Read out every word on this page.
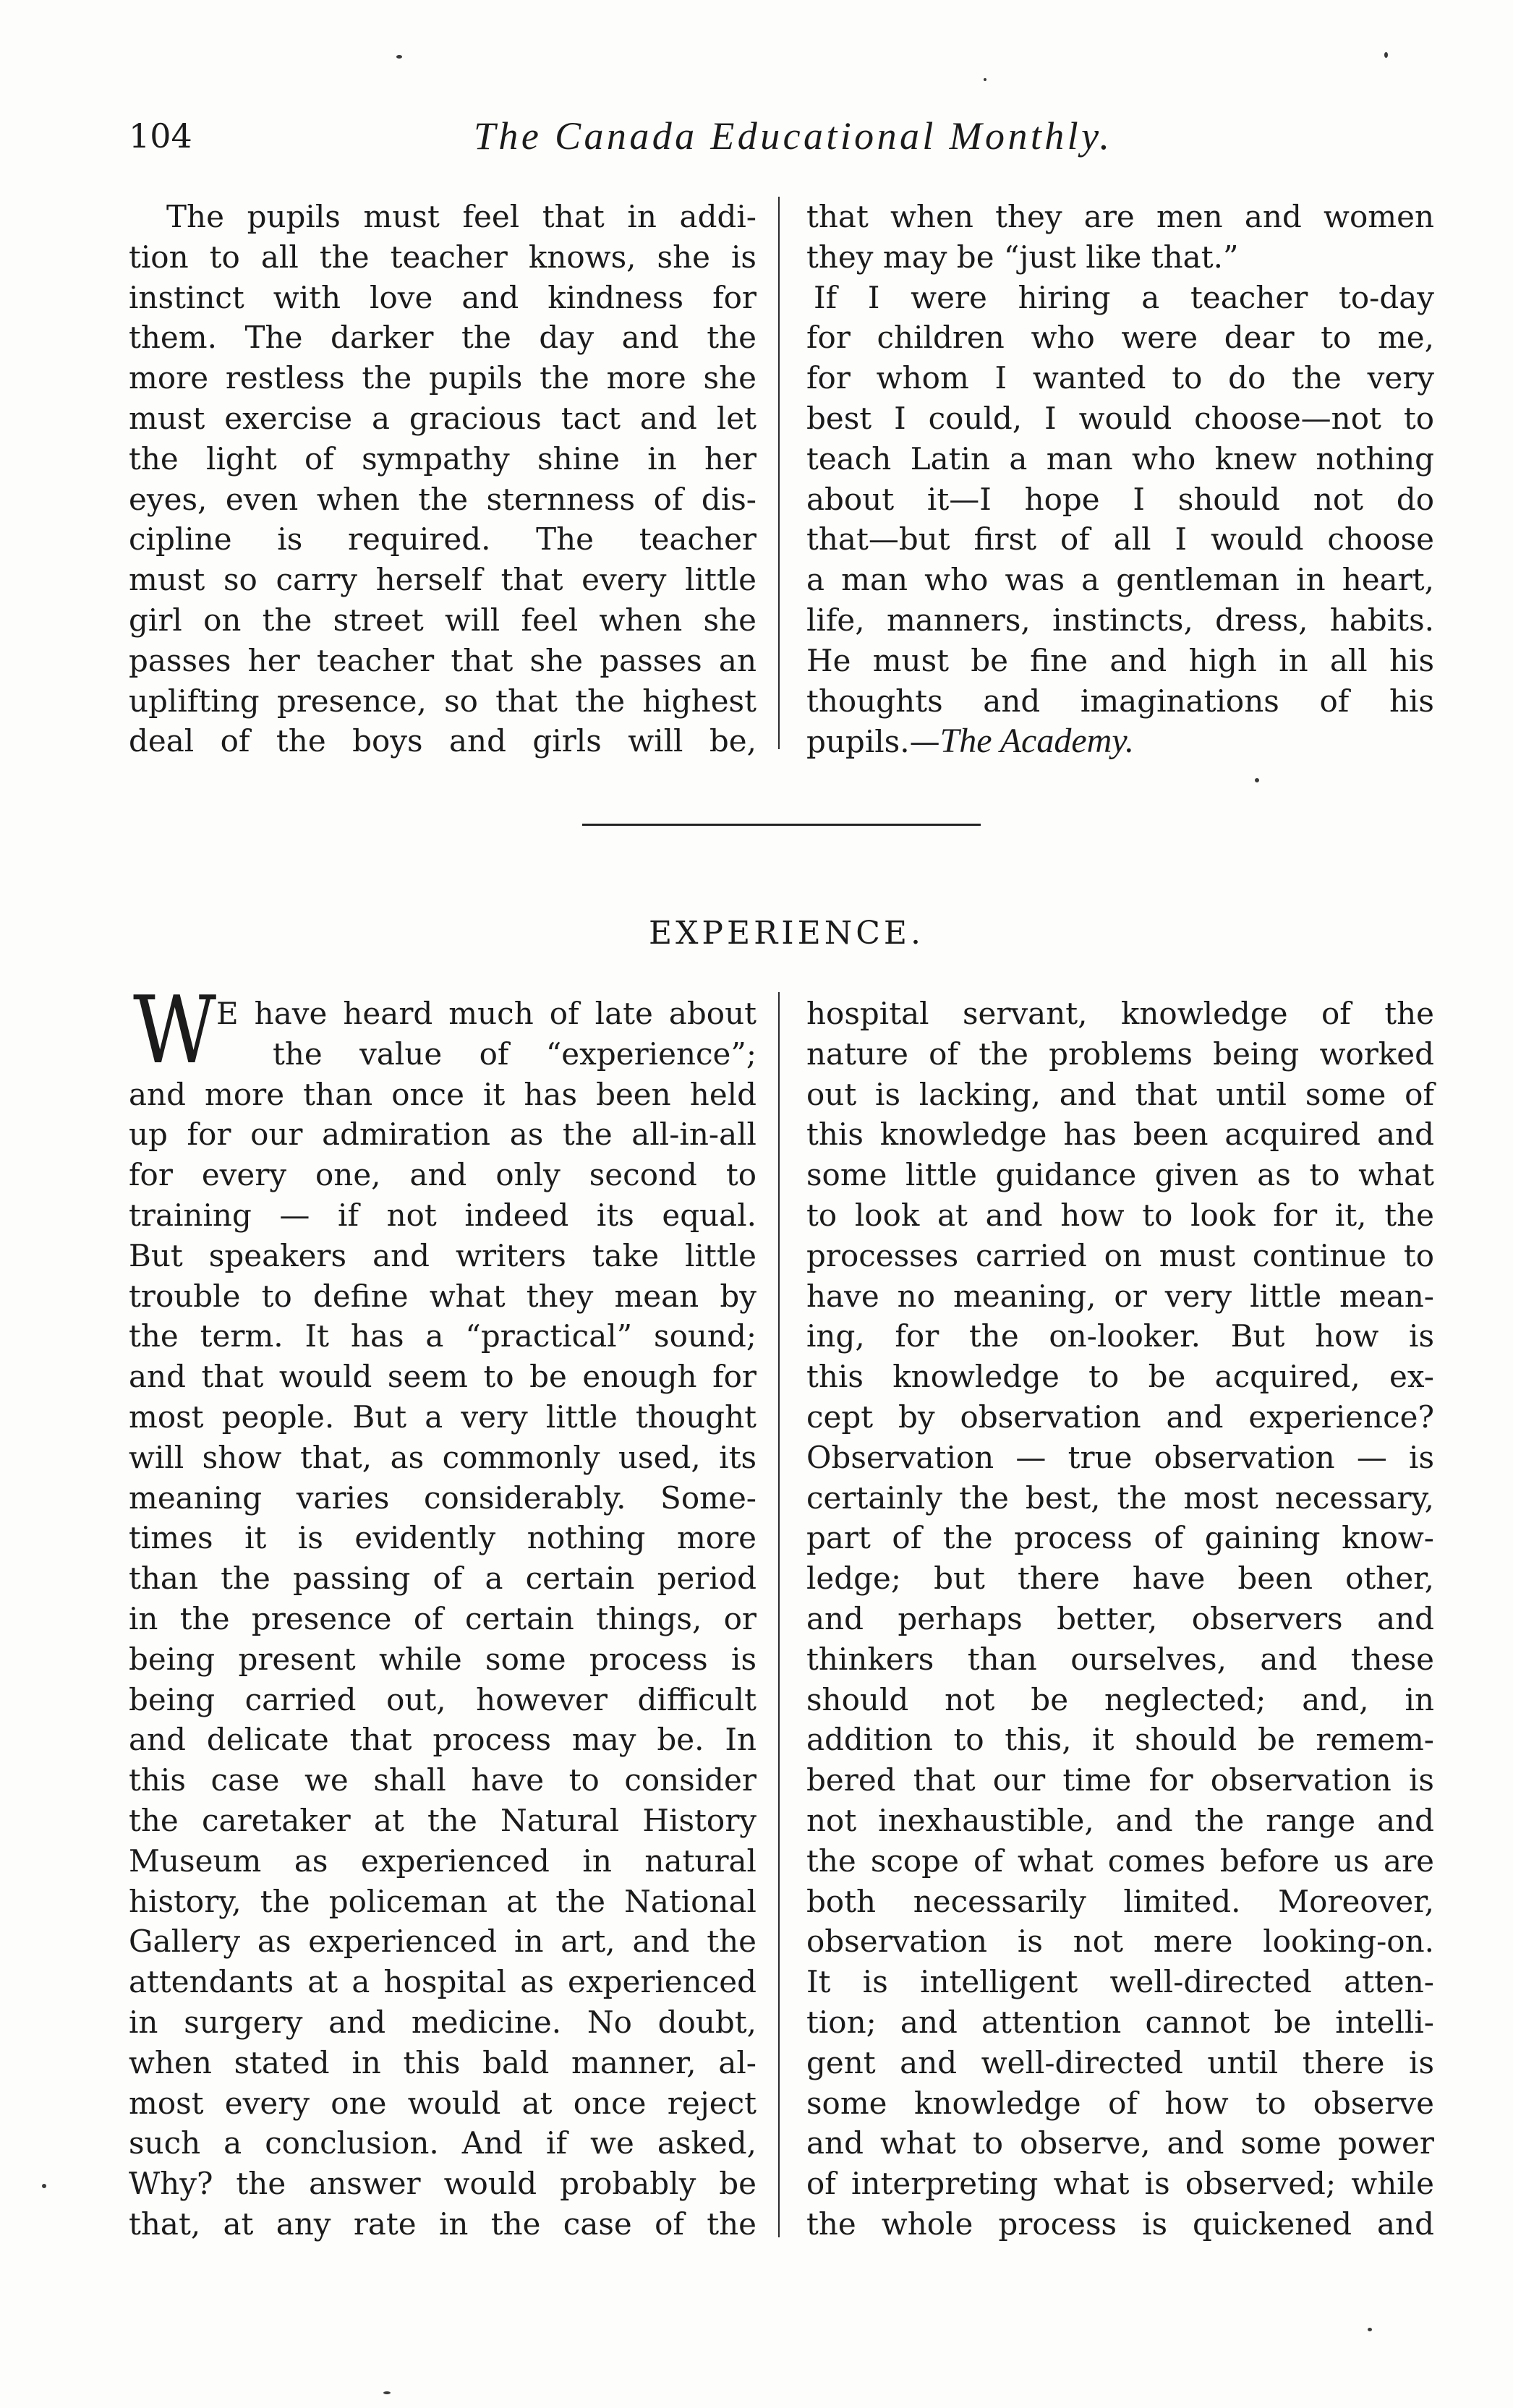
104	The Canada Educational Monthly.
The pupils must feel that in addi-
tion to all the teacher knows, she is
instinct with love and kindness for
them. The darker the day and the
more restless the pupils the more she
must exercise a gracious tact and let
the light of sympathy shine in her
eyes, even when the sternness of dis-
cipline is required. The teacher
must so carry herself that every little
girl on the street will feel when she
passes her teacher that she passes an
uplifting presence, so that the highest
deal of the boys and girls will be,
that when they are men and women
they may be “just like that.”
If I were hiring a teacher to-day
for children who were dear to me,
for whom I wanted to do the very
best I could, I would choose—not to
teach Latin a man who knew nothing
about it—I hope I should not do
that—but first of all I would choose
a man who was a gentleman in heart,
life, manners, instincts, dress, habits.
He must be fine and high in all his
thoughts and imaginations of his
pupils.—The Academy.
EXPERIENCE.
W E have heard much of late about
the value of “experience”;
and more than once it has been held
up for our admiration as the all-in-all
for every one, and only second to
training — if not indeed its equal.
But speakers and writers take little
trouble to define what they mean by
the term. It has a “practical” sound;
and that would seem to be enough for
most people. But a very little thought
will show that, as commonly used, its
meaning varies considerably. Some-
times it is evidently nothing more
than the passing of a certain period
in the presence of certain things, or
being present while some process is
being carried out, however difficult
and delicate that process may be. In
this case we shall have to consider
the caretaker at the Natural History
Museum as experienced in natural
history, the policeman at the National
Gallery as experienced in art, and the
attendants at a hospital as experienced
in surgery and medicine. No doubt,
when stated in this bald manner, al-
most every one would at once reject
such a conclusion. And if we asked,
Why? the answer would probably be
that, at any rate in the case of the
hospital servant, knowledge of the
nature of the problems being worked
out is lacking, and that until some of
this knowledge has been acquired and
some little guidance given as to what
to look at and how to look for it, the
processes carried on must continue to
have no meaning, or very little mean-
ing, for the on-looker. But how is
this knowledge to be acquired, ex-
cept by observation and experience?
Observation — true observation — is
certainly the best, the most necessary,
part of the process of gaining know-
ledge; but there have been other,
and perhaps better, observers and
thinkers than ourselves, and these
should not be neglected; and, in
addition to this, it should be remem-
bered that our time for observation is
not inexhaustible, and the range and
the scope of what comes before us are
both necessarily limited. Moreover,
observation is not mere looking-on.
It is intelligent well-directed atten-
tion; and attention cannot be intelli-
gent and well-directed until there is
some knowledge of how to observe
and what to observe, and some power
of interpreting what is observed; while
the whole process is quickened and
